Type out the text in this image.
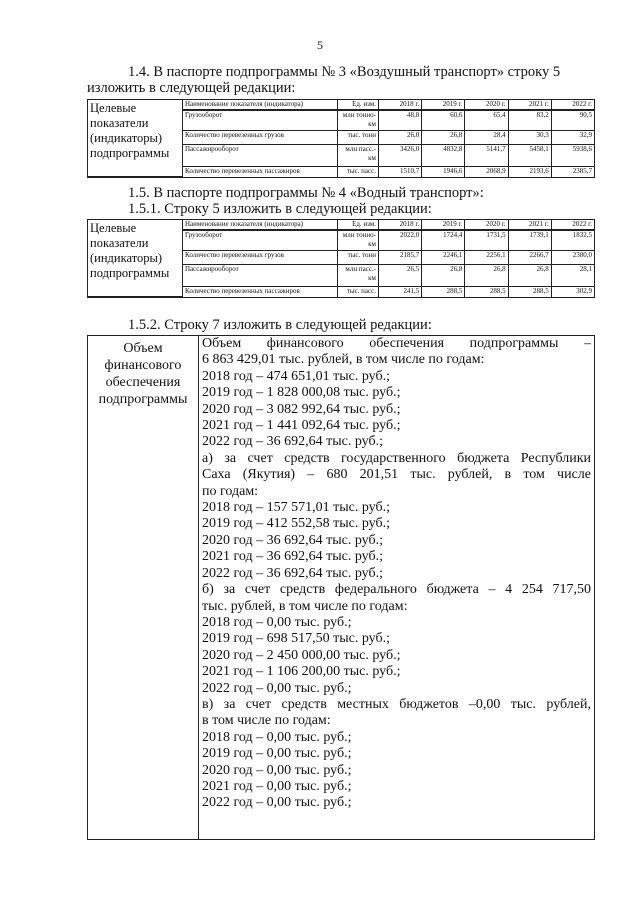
5
1.4. В паспорте подпрограммы № 3 «Воздушный транспорт» строку 5
изложить в следующей редакции:
Целевые
показатели
(индикаторы)
подпрограммы	Наименование показателя (индикатора)	Ед. изм.	2018 г.	2019 г.	2020 г.	2021 г.	2022 г.
	Грузооборот	млн тонно-км	48,8	60,6	65,4	83,2	90,5
	Количество перевезенных грузов	тыс. тонн	26,0	26,8	28,4	30,3	32,9
	Пассажирооборот	млн пасс.-км	3426,0	4832,8	5141,7	5458,1	5938,6
	Количество перевезенных пассажиров	тыс. пасс.	1510,7	1946,6	2068,9	2193,6	2385,7
1.5. В паспорте подпрограммы № 4 «Водный транспорт»:
1.5.1. Строку 5 изложить в следующей редакции:
Целевые
показатели
(индикаторы)
подпрограммы	Наименование показателя (индикатора)	Ед. изм.	2018 г.	2019 г.	2020 г.	2021 г.	2022 г.
	Грузооборот	млн тонно-км	2022,0	1724,4	1731,5	1739,1	1832,5
	Количество перевезенных грузов	тыс. тонн	2185,7	2246,1	2256,1	2266,7	2380,0
	Пассажирооборот	млн пасс.-км	26,5	26,8	26,8	26,8	28,1
	Количество перевезенных пассажиров	тыс. пасс.	241,5	288,5	288,5	288,5	302,9
1.5.2. Строку 7 изложить в следующей редакции:
Объем
финансового
обеспечения
подпрограммы

Объем финансового обеспечения подпрограммы –
6 863 429,01 тыс. рублей, в том числе по годам:
2018 год – 474 651,01 тыс. руб.;
2019 год – 1 828 000,08 тыс. руб.;
2020 год – 3 082 992,64 тыс. руб.;
2021 год – 1 441 092,64 тыс. руб.;
2022 год – 36 692,64 тыс. руб.;
а) за счет средств государственного бюджета Республики
Саха (Якутия) – 680 201,51 тыс. рублей, в том числе
по годам:
2018 год – 157 571,01 тыс. руб.;
2019 год – 412 552,58 тыс. руб.;
2020 год – 36 692,64 тыс. руб.;
2021 год – 36 692,64 тыс. руб.;
2022 год – 36 692,64 тыс. руб.;
б) за счет средств федерального бюджета – 4 254 717,50
тыс. рублей, в том числе по годам:
2018 год – 0,00 тыс. руб.;
2019 год – 698 517,50 тыс. руб.;
2020 год – 2 450 000,00 тыс. руб.;
2021 год – 1 106 200,00 тыс. руб.;
2022 год – 0,00 тыс. руб.;
в) за счет средств местных бюджетов –0,00 тыс. рублей,
в том числе по годам:
2018 год – 0,00 тыс. руб.;
2019 год – 0,00 тыс. руб.;
2020 год – 0,00 тыс. руб.;
2021 год – 0,00 тыс. руб.;
2022 год – 0,00 тыс. руб.;
